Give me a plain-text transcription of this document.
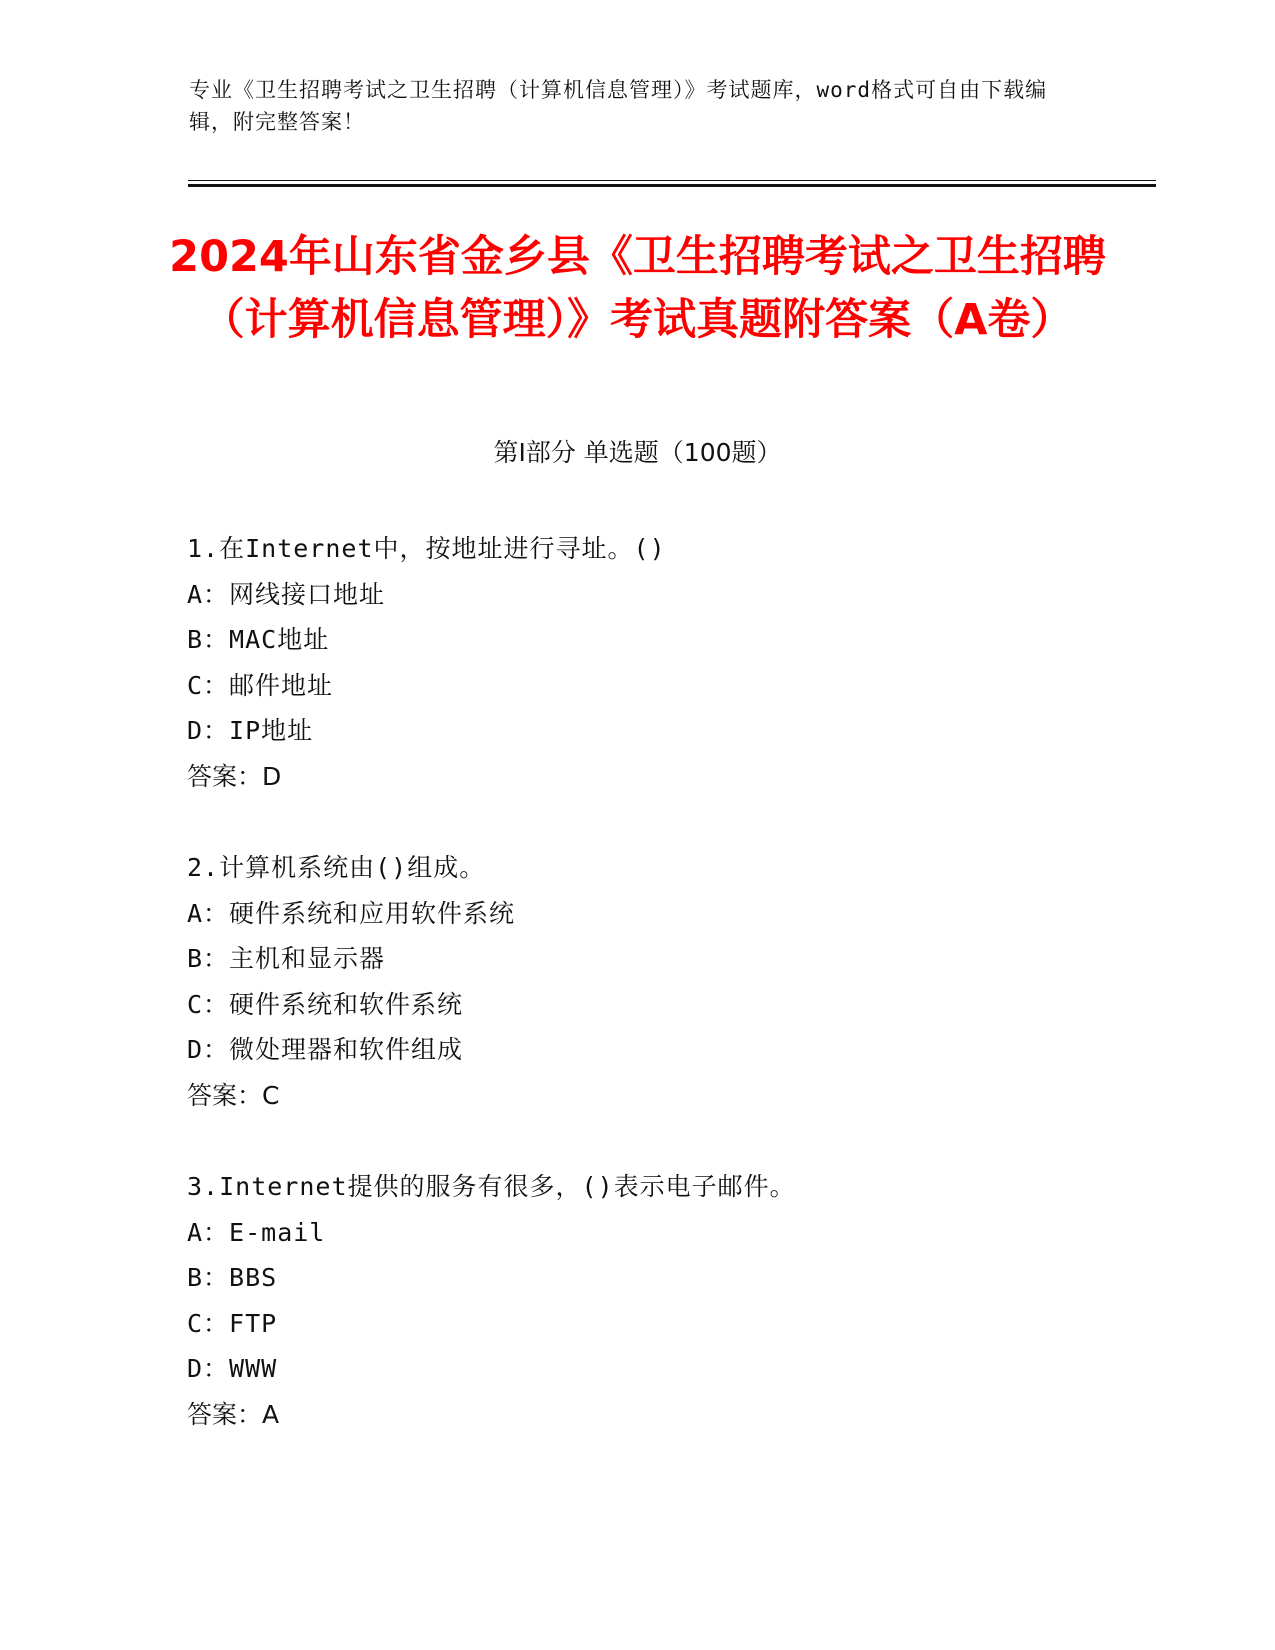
专业《卫生招聘考试之卫生招聘（计算机信息管理）》考试题库，word格式可自由下载编辑，附完整答案！
2024年山东省金乡县《卫生招聘考试之卫生招聘（计算机信息管理）》考试真题附答案（A卷）
第I部分 单选题（100题）
1.在Internet中，按地址进行寻址。()
A：网线接口地址
B：MAC地址
C：邮件地址
D：IP地址
答案：D
2.计算机系统由()组成。
A：硬件系统和应用软件系统
B：主机和显示器
C：硬件系统和软件系统
D：微处理器和软件组成
答案：C
3.Internet提供的服务有很多，()表示电子邮件。
A：E-mail
B：BBS
C：FTP
D：WWW
答案：A
